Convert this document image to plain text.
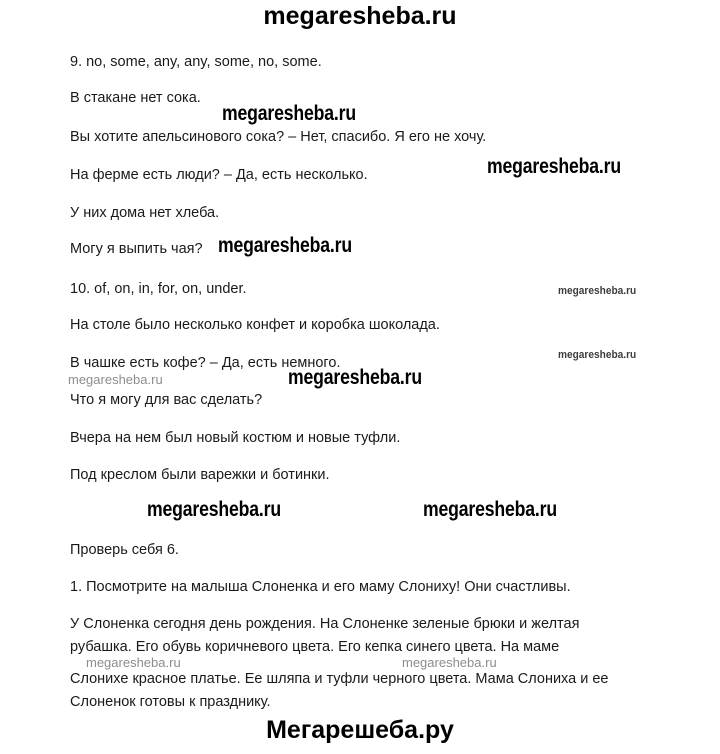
megaresheba.ru
9. no, some, any, any, some, no, some.
В стакане нет сока.
Вы хотите апельсинового сока? – Нет, спасибо. Я его не хочу.
На ферме есть люди? – Да, есть несколько.
У них дома нет хлеба.
Могу я выпить чая?
10. of, on, in, for, on, under.
На столе было несколько конфет и коробка шоколада.
В чашке есть кофе? – Да, есть немного.
Что я могу для вас сделать?
Вчера на нем был новый костюм и новые туфли.
Под креслом были варежки и ботинки.
Проверь себя 6.
1. Посмотрите на малыша Слоненка и его маму Слониху! Они счастливы.
У Слоненка сегодня день рождения. На Слоненке зеленые брюки и желтая
рубашка. Его обувь коричневого цвета. Его кепка синего цвета. На маме
Слонихе красное платье. Ее шляпа и туфли черного цвета. Мама Слониха и ее
Слоненок готовы к празднику.
megaresheba.ru
megaresheba.ru
megaresheba.ru
megaresheba.ru
megaresheba.ru
megaresheba.ru	megaresheba.ru
megaresheba.ru	megaresheba.ru
megaresheba.ru	megaresheba.ru
Мегарешеба.ру
